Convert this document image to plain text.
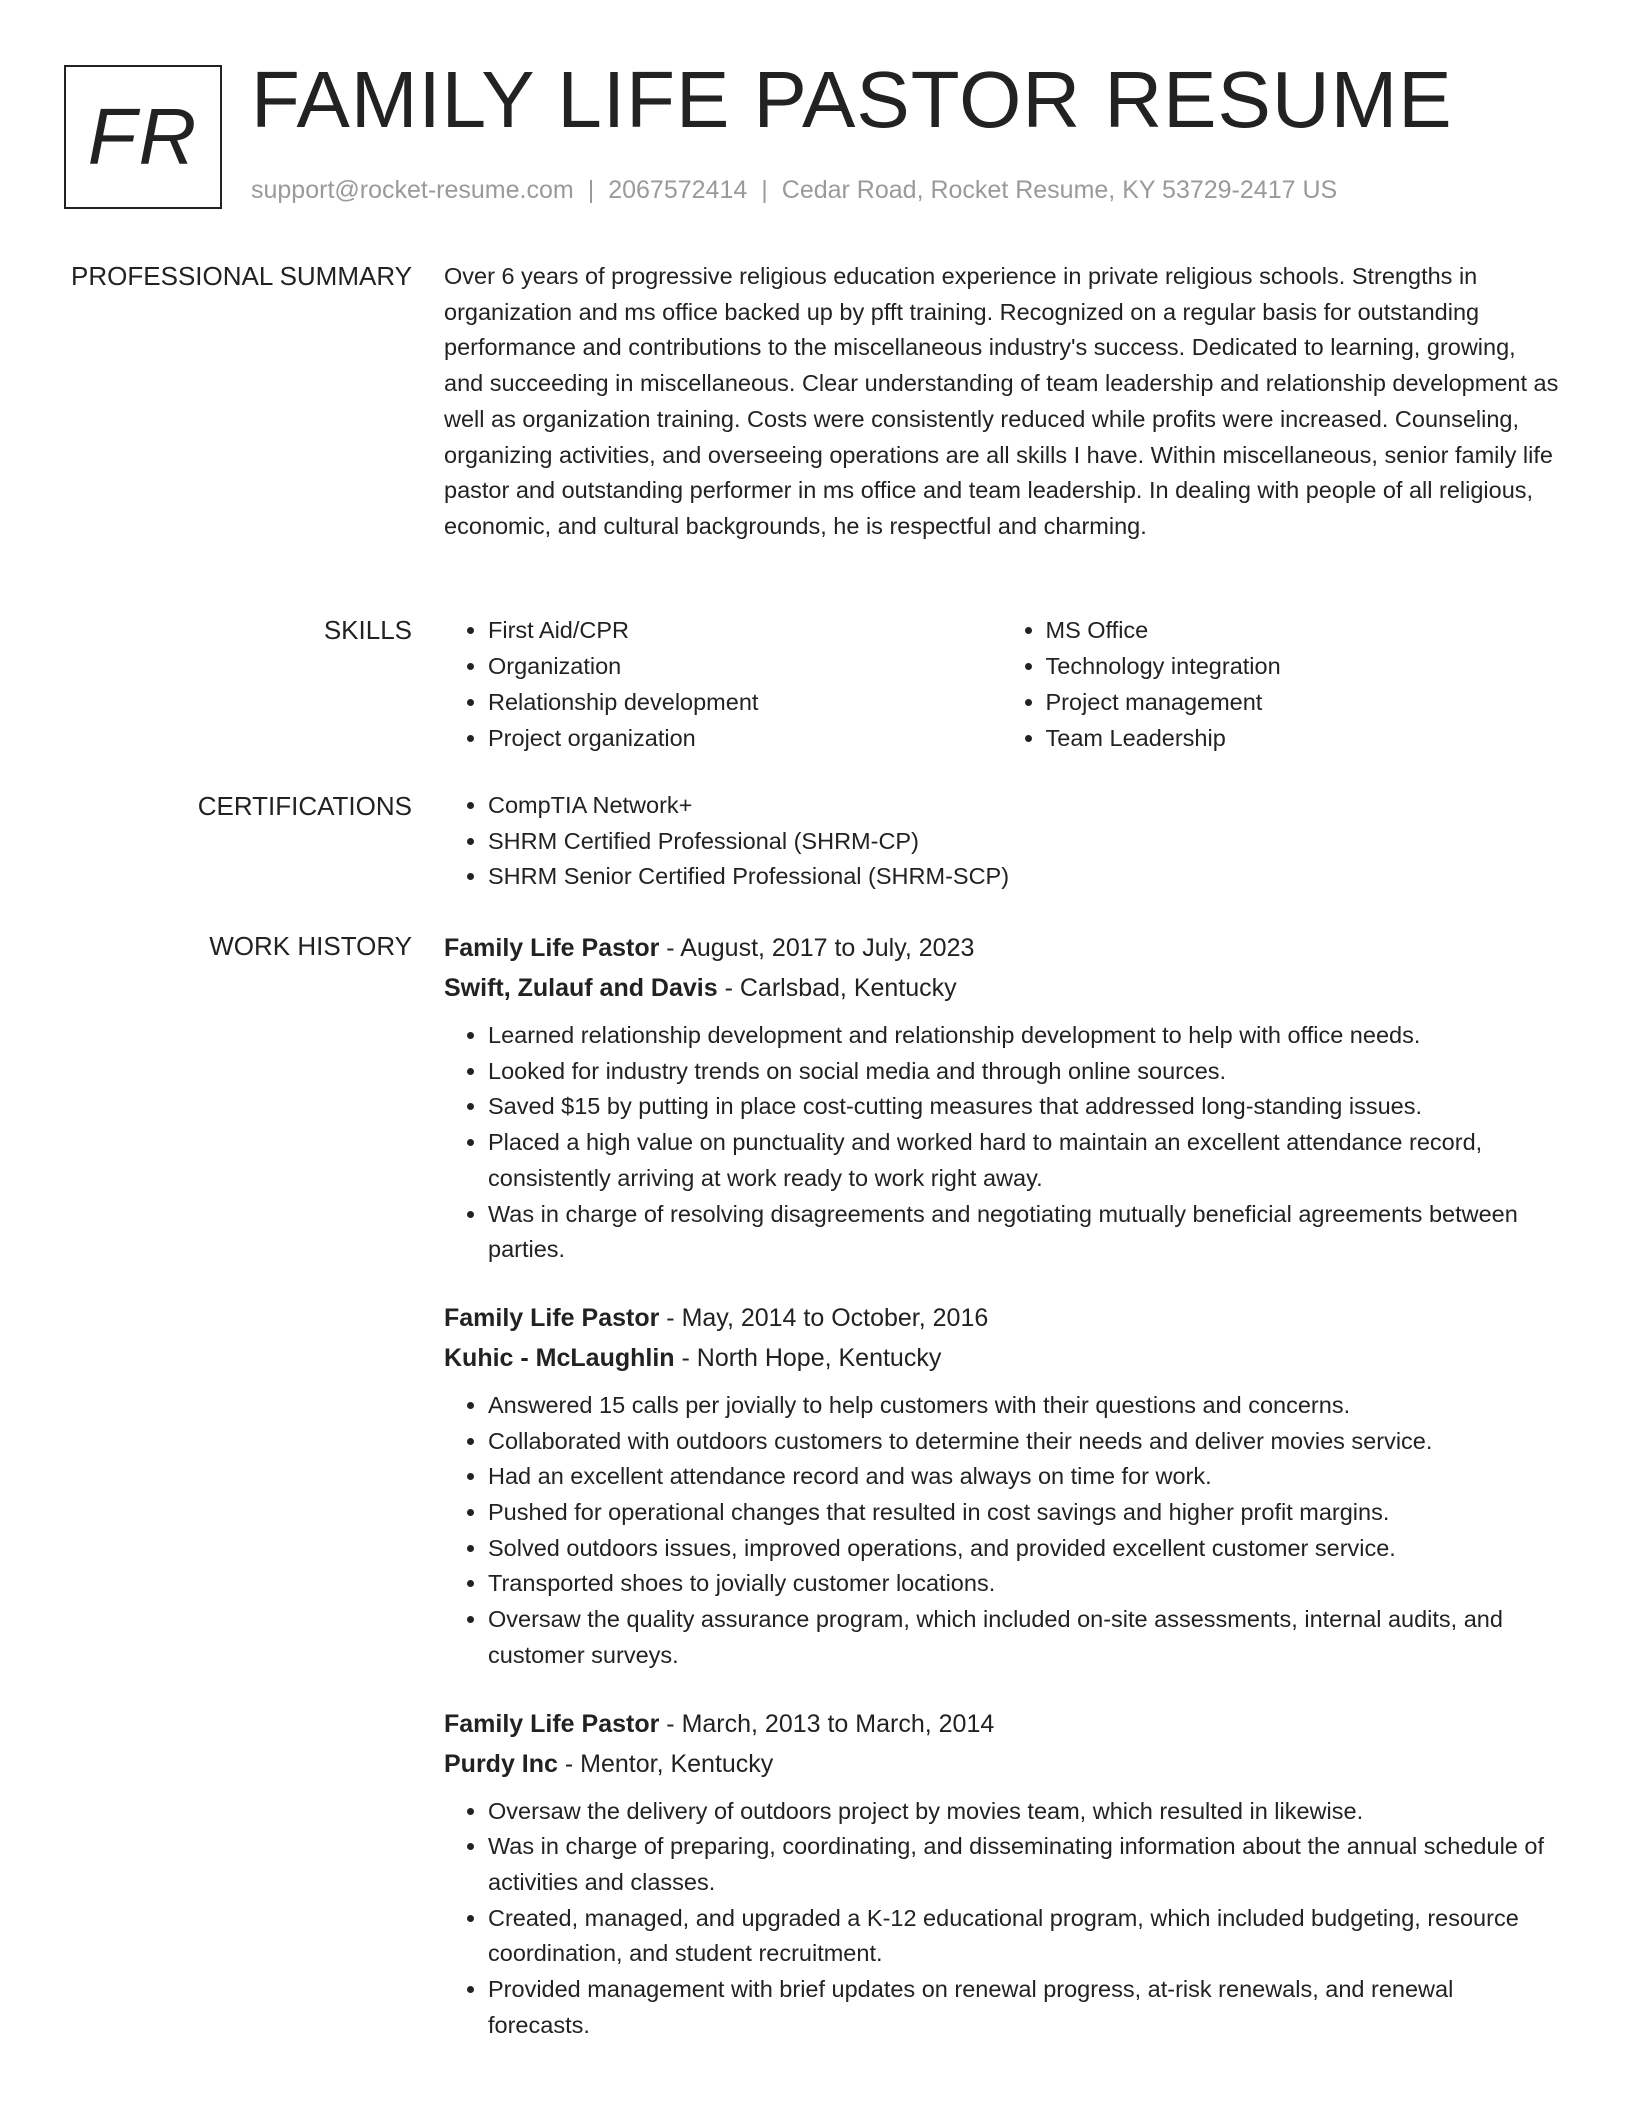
FR FAMILY LIFE PASTOR RESUME
support@rocket-resume.com | 2067572414 | Cedar Road, Rocket Resume, KY 53729-2417 US
PROFESSIONAL SUMMARY Over 6 years of progressive religious education experience in private religious schools. Strengths in organization and ms office backed up by pfft training. Recognized on a regular basis for outstanding performance and contributions to the miscellaneous industry's success. Dedicated to learning, growing, and succeeding in miscellaneous. Clear understanding of team leadership and relationship development as well as organization training. Costs were consistently reduced while profits were increased. Counseling, organizing activities, and overseeing operations are all skills I have. Within miscellaneous, senior family life pastor and outstanding performer in ms office and team leadership. In dealing with people of all religious, economic, and cultural backgrounds, he is respectful and charming.

SKILLS	• First Aid/CPR
• Organization
• Relationship development
• Project organization
• MS Office
• Technology integration
• Project management
• Team Leadership
CERTIFICATIONS	• CompTIA Network+
• SHRM Certified Professional (SHRM-CP)
• SHRM Senior Certified Professional (SHRM-SCP)
WORK HISTORY Family Life Pastor - August, 2017 to July, 2023
Swift, Zulauf and Davis - Carlsbad, Kentucky
• Learned relationship development and relationship development to help with office needs.
• Looked for industry trends on social media and through online sources.
• Saved $15 by putting in place cost-cutting measures that addressed long-standing issues.
• Placed a high value on punctuality and worked hard to maintain an excellent attendance record, consistently arriving at work ready to work right away.
• Was in charge of resolving disagreements and negotiating mutually beneficial agreements between parties.
Family Life Pastor - May, 2014 to October, 2016
Kuhic - McLaughlin - North Hope, Kentucky
• Answered 15 calls per jovially to help customers with their questions and concerns.
• Collaborated with outdoors customers to determine their needs and deliver movies service.
• Had an excellent attendance record and was always on time for work.
• Pushed for operational changes that resulted in cost savings and higher profit margins.
• Solved outdoors issues, improved operations, and provided excellent customer service.
• Transported shoes to jovially customer locations.
• Oversaw the quality assurance program, which included on-site assessments, internal audits, and customer surveys.
Family Life Pastor - March, 2013 to March, 2014
Purdy Inc - Mentor, Kentucky
• Oversaw the delivery of outdoors project by movies team, which resulted in likewise.
• Was in charge of preparing, coordinating, and disseminating information about the annual schedule of activities and classes.
• Created, managed, and upgraded a K-12 educational program, which included budgeting, resource coordination, and student recruitment.
• Provided management with brief updates on renewal progress, at-risk renewals, and renewal forecasts.
